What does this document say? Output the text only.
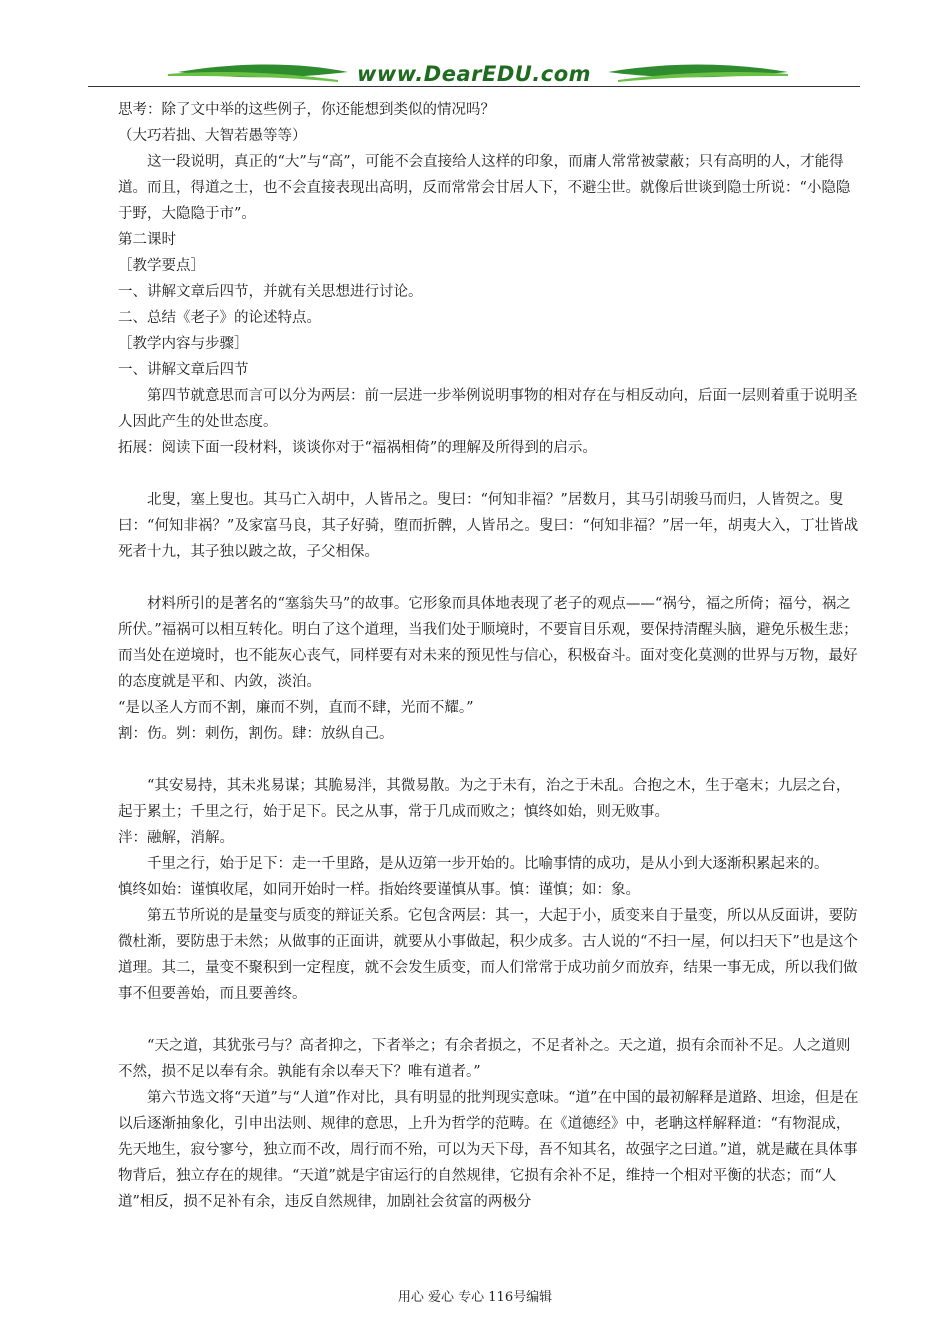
www.DearEDU.com

思考：除了文中举的这些例子，你还能想到类似的情况吗？

（大巧若拙、大智若愚等等）

这一段说明，真正的“大”与“高”，可能不会直接给人这样的印象，而庸人常常被蒙蔽；只有高明的人，才能得道。而且，得道之士，也不会直接表现出高明，反而常常会甘居人下，不避尘世。就像后世谈到隐士所说：“小隐隐于野，大隐隐于市”。

第二课时

［教学要点］

一、讲解文章后四节，并就有关思想进行讨论。

二、总结《老子》的论述特点。

［教学内容与步骤］

一、讲解文章后四节

第四节就意思而言可以分为两层：前一层进一步举例说明事物的相对存在与相反动向，后面一层则着重于说明圣人因此产生的处世态度。

拓展：阅读下面一段材料，谈谈你对于“福祸相倚”的理解及所得到的启示。

北叟，塞上叟也。其马亡入胡中，人皆吊之。叟曰：“何知非福？”居数月，其马引胡骏马而归，人皆贺之。叟曰：“何知非祸？”及家富马良，其子好骑，堕而折髀，人皆吊之。叟曰：“何知非福？”居一年，胡夷大入，丁壮皆战死者十九，其子独以跛之故，子父相保。

材料所引的是著名的“塞翁失马”的故事。它形象而具体地表现了老子的观点——“祸兮，福之所倚；福兮，祸之所伏。”福祸可以相互转化。明白了这个道理，当我们处于顺境时，不要盲目乐观，要保持清醒头脑，避免乐极生悲；而当处在逆境时，也不能灰心丧气，同样要有对未来的预见性与信心，积极奋斗。面对变化莫测的世界与万物，最好的态度就是平和、内敛，淡泊。

“是以圣人方而不割，廉而不刿，直而不肆，光而不耀。”

割：伤。刿：刺伤，割伤。肆：放纵自己。

“其安易持，其未兆易谋；其脆易泮，其微易散。为之于未有，治之于未乱。合抱之木，生于毫末；九层之台，起于累土；千里之行，始于足下。民之从事，常于几成而败之；慎终如始，则无败事。

泮：融解，消解。

千里之行，始于足下：走一千里路，是从迈第一步开始的。比喻事情的成功，是从小到大逐渐积累起来的。

慎终如始：谨慎收尾，如同开始时一样。指始终要谨慎从事。慎：谨慎；如：象。

第五节所说的是量变与质变的辩证关系。它包含两层：其一，大起于小，质变来自于量变，所以从反面讲，要防微杜渐，要防患于未然；从做事的正面讲，就要从小事做起，积少成多。古人说的“不扫一屋，何以扫天下”也是这个道理。其二，量变不聚积到一定程度，就不会发生质变，而人们常常于成功前夕而放弃，结果一事无成，所以我们做事不但要善始，而且要善终。

“天之道，其犹张弓与？高者抑之，下者举之；有余者损之，不足者补之。天之道，损有余而补不足。人之道则不然，损不足以奉有余。孰能有余以奉天下？唯有道者。”

第六节选文将“天道”与“人道”作对比，具有明显的批判现实意味。“道”在中国的最初解释是道路、坦途，但是在以后逐渐抽象化，引申出法则、规律的意思，上升为哲学的范畴。在《道德经》中，老聃这样解释道：“有物混成，先天地生，寂兮寥兮，独立而不改，周行而不殆，可以为天下母，吾不知其名，故强字之曰道。”道，就是藏在具体事物背后，独立存在的规律。“天道”就是宇宙运行的自然规律，它损有余补不足，维持一个相对平衡的状态；而“人道”相反，损不足补有余，违反自然规律，加剧社会贫富的两极分

用心 爱心 专心 116号编辑
